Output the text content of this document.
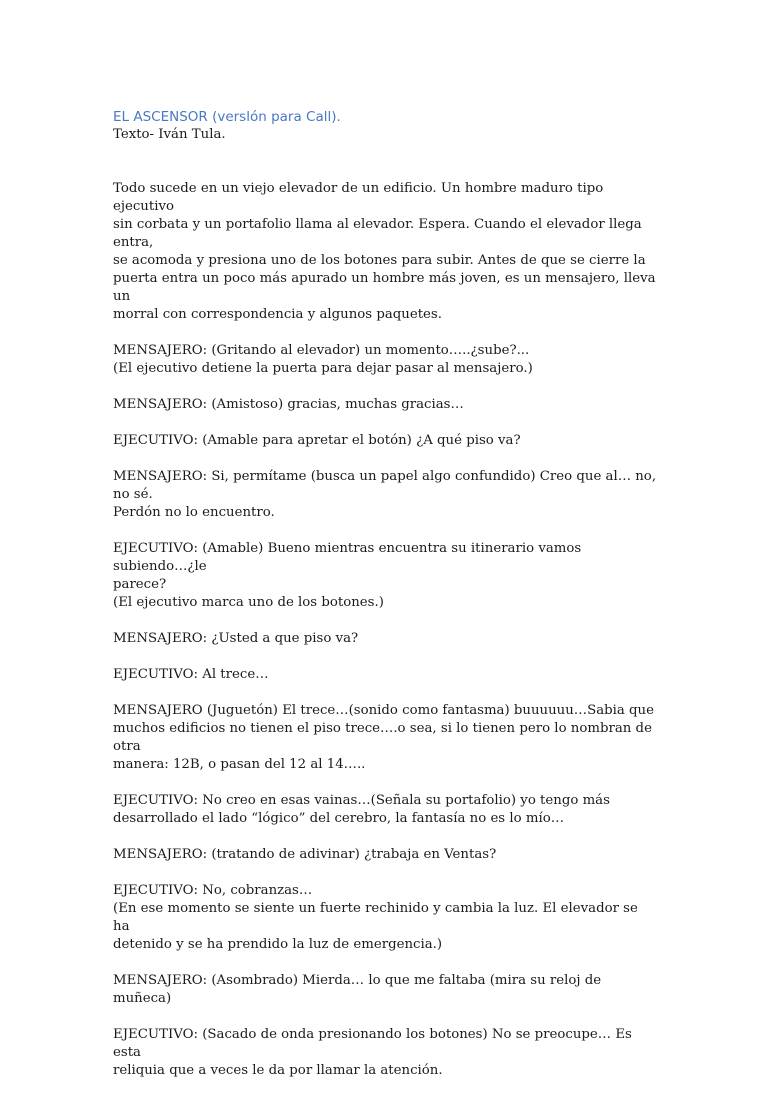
EL ASCENSOR (verslón para Call).

Texto- Iván Tula.

Todo sucede en un viejo elevador de un edificio. Un hombre maduro tipo ejecutivo
sin corbata y un portafolio llama al elevador. Espera. Cuando el elevador llega entra,
se acomoda y presiona uno de los botones para subir. Antes de que se cierre la
puerta entra un poco más apurado un hombre más joven, es un mensajero, lleva un
morral con correspondencia y algunos paquetes.

MENSAJERO: (Gritando al elevador) un momento…..¿sube?...
(El ejecutivo detiene la puerta para dejar pasar al mensajero.)

MENSAJERO: (Amistoso) gracias, muchas gracias…

EJECUTIVO: (Amable para apretar el botón) ¿A qué piso va?

MENSAJERO: Si, permítame (busca un papel algo confundido) Creo que al… no, no sé.
Perdón no lo encuentro.

EJECUTIVO: (Amable) Bueno mientras encuentra su itinerario vamos subiendo…¿le
parece?
(El ejecutivo marca uno de los botones.)

MENSAJERO: ¿Usted a que piso va?

EJECUTIVO: Al trece…

MENSAJERO (Juguetón) El trece…(sonido como fantasma) buuuuuu…Sabia que
muchos edificios no tienen el piso trece….o sea, si lo tienen pero lo nombran de otra
manera: 12B, o pasan del 12 al 14…..

EJECUTIVO: No creo en esas vainas…(Señala su portafolio) yo tengo más
desarrollado el lado “lógico” del cerebro, la fantasía no es lo mío…

MENSAJERO: (tratando de adivinar) ¿trabaja en Ventas?

EJECUTIVO: No, cobranzas…
(En ese momento se siente un fuerte rechinido y cambia la luz. El elevador se ha
detenido y se ha prendido la luz de emergencia.)

MENSAJERO: (Asombrado) Mierda… lo que me faltaba (mira su reloj de muñeca)

EJECUTIVO: (Sacado de onda presionando los botones) No se preocupe… Es esta
reliquia que a veces le da por llamar la atención.
